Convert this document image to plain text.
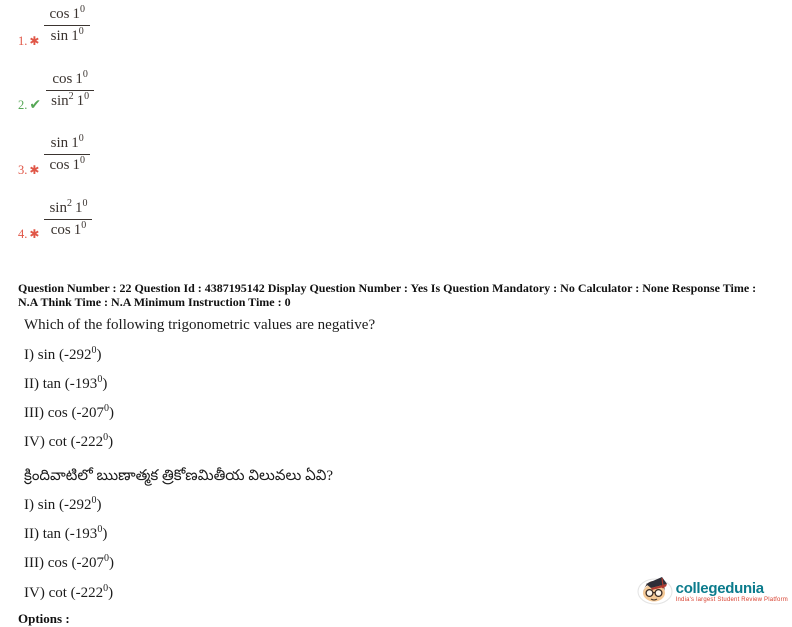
1. ✱ $\frac{\cos 1^0}{\sin 1^0}$
2. ✔ $\frac{\cos 1^0}{\sin^2 1^0}$
3. ✱ $\frac{\sin 1^0}{\cos 1^0}$
4. ✱ $\frac{\sin^2 1^0}{\cos 1^0}$

Question Number : 22 Question Id : 4387195142 Display Question Number : Yes Is Question Mandatory : No Calculator : None Response Time :
N.A Think Time : N.A Minimum Instruction Time : 0

Which of the following trigonometric values are negative?

I) $\sin (-292^0)$

II) $\tan (-193^0)$

III) $\cos (-207^0)$

IV) $\cot (-222^0)$

క్రిందివాటిలో ఋణాత్మక త్రికోణమితీయ విలువలు ఏవి?

I) $\sin (-292^0)$

II) $\tan (-193^0)$

III) $\cos (-207^0)$

IV) $\cot (-222^0)$

Options :

collegedunia
India's largest Student Review Platform
